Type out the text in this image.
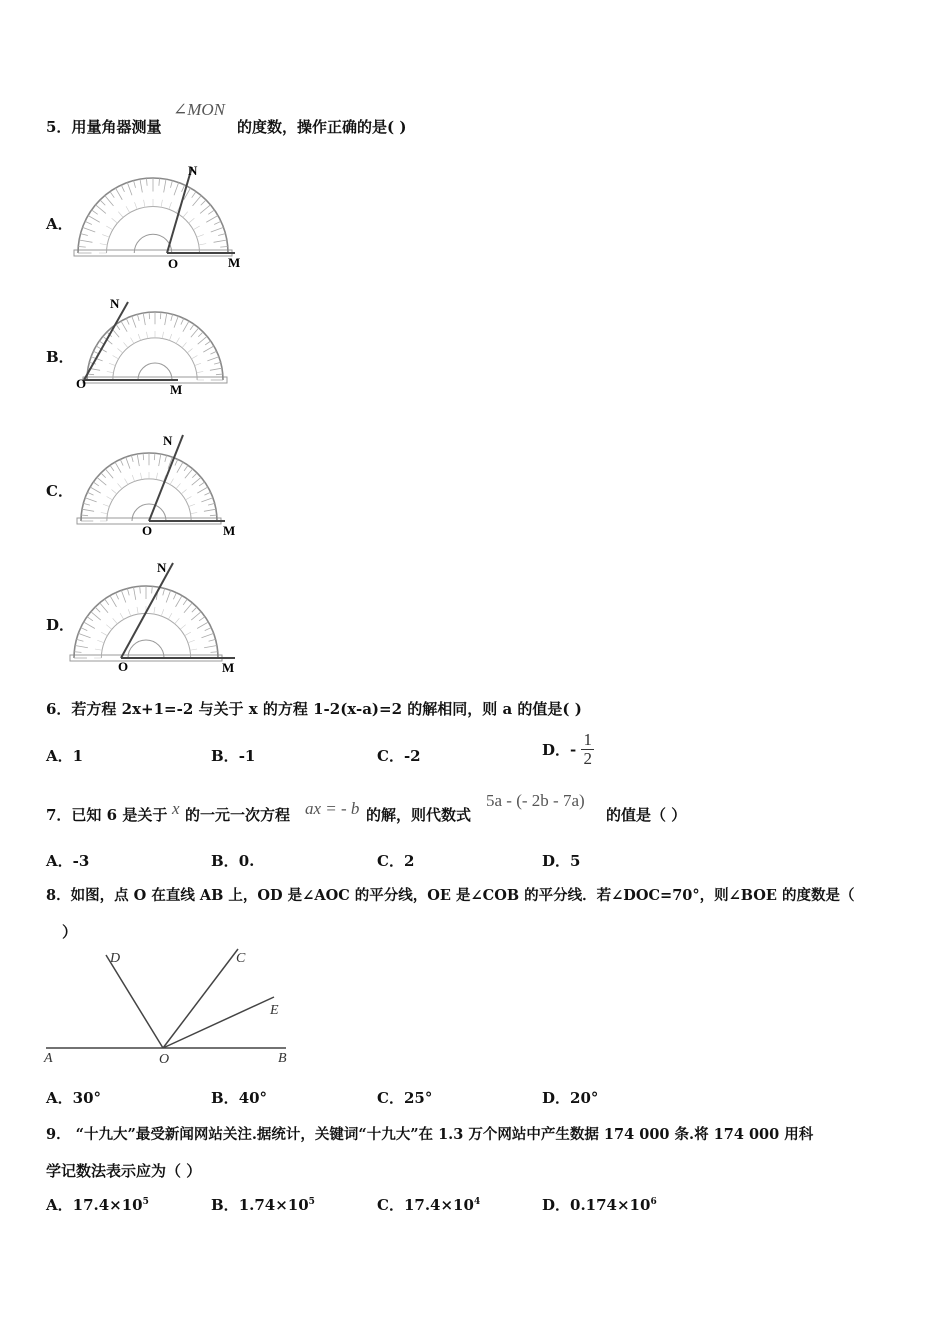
5．用量角器测量
∠MON
的度数，操作正确的是( )
A．
B．
C．
D．
O	M
N
O	M
N
O	M
N
O	M
N
6．若方程 2x+1=-2 与关于 x 的方程 1-2(x-a)=2 的解相同，则 a 的值是( )
A．1	B．-1	C．-2	D．- $\frac{1}{2}$
7．已知 6 是关于 x 的一元一次方程 ax = - b 的解，则代数式
5a - (- 2b - 7a)
的值是（ ）
A．-3	B．0.	C．2	D．5
8．如图，点 O 在直线 AB 上，OD 是∠AOC 的平分线，OE 是∠COB 的平分线．若∠DOC=70°，则∠BOE 的度数是（
）
A	O	B
D	C
E
A．30°	B．40°	C．25°	D．20°
9． “十九大”最受新闻网站关注.据统计，关键词“十九大”在 1.3 万个网站中产生数据 174 000 条.将 174 000 用科
学记数法表示应为（ ）
A．$17.4\times 10^5$	B．$1.74\times 10^5$	C．$17.4\times 10^4$	D．$0.174\times 10^6$
